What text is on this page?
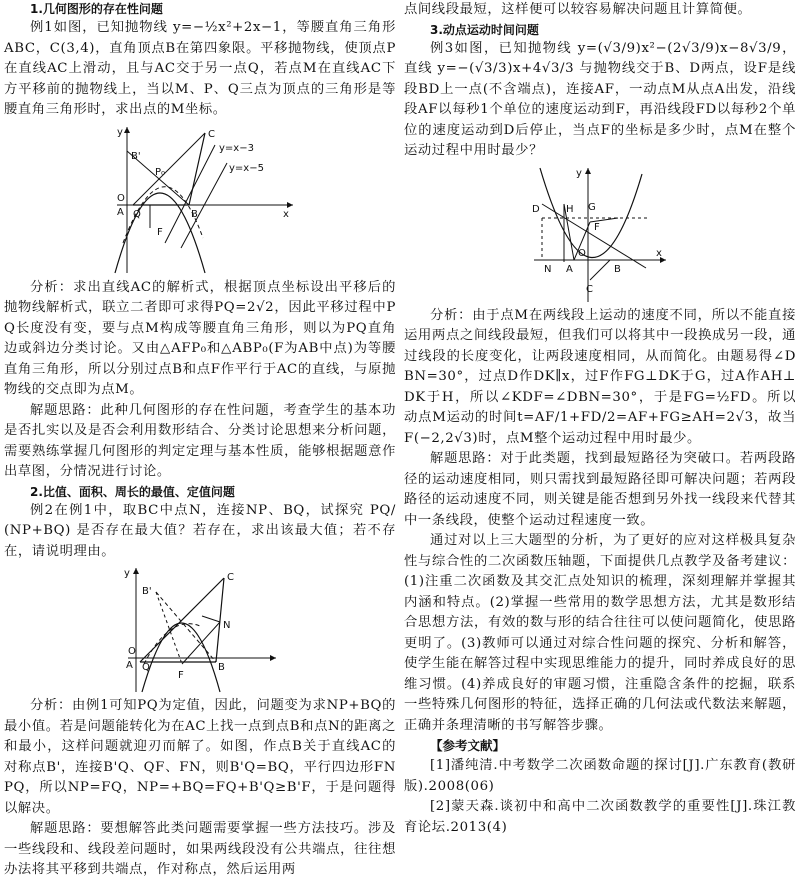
1.几何图形的存在性问题

例1如图，已知抛物线 y=−½x²+2x−1，等腰直角三角形ABC，C(3,4)，直角顶点B在第四象限。平移抛物线，使顶点P在直线AC上滑动，且与AC交于另一点Q，若点M在直线AC下方平移前的抛物线上，当以M、P、Q三点为顶点的三角形是等腰直角三角形时，求出点的M坐标。

B'
C
P₀
y=x−3
y=x−5
y
x
O
A Q	B
F

分析：求出直线AC的解析式，根据顶点坐标设出平移后的抛物线解析式，联立二者即可求得PQ=2√2，因此平移过程中PQ长度没有变，要与点M构成等腰直角三角形，则以为PQ直角边或斜边分类讨论。又由△AFP₀和△ABP₀(F为AB中点)为等腰直角三角形，所以分别过点B和点F作平行于AC的直线，与原抛物线的交点即为点M。

解题思路：此种几何图形的存在性问题，考查学生的基本功是否扎实以及是否会利用数形结合、分类讨论思想来分析问题，需要熟练掌握几何图形的判定定理与基本性质，能够根据题意作出草图，分情况进行讨论。

2.比值、面积、周长的最值、定值问题

例2在例1中，取BC中点N，连接NP、BQ，试探究 PQ/(NP+BQ) 是否存在最大值？若存在，求出该最大值；若不存在，请说明理由。

y
B'
C
N
O
A Q	B
F

分析：由例1可知PQ为定值，因此，问题变为求NP+BQ的最小值。若是问题能转化为在AC上找一点到点B和点N的距离之和最小，这样问题就迎刃而解了。如图，作点B关于直线AC的对称点B'，连接B'Q、QF、FN，则B'Q=BQ，平行四边形FNPQ，所以NP=FQ，NP=+BQ=FQ+B'Q≥B'F，于是问题得以解决。

解题思路：要想解答此类问题需要掌握一些方法技巧。涉及一些线段和、线段差问题时，如果两线段没有公共端点，往往想办法将其平移到共端点，作对称点，然后运用两

点间线段最短，这样便可以较容易解决问题且计算简便。

3.动点运动时间问题

例3如图，已知抛物线 y=(√3/9)x²−(2√3/9)x−8√3/9，直线 y=−(√3/3)x+4√3/3 与抛物线交于B、D两点，设F是线段BD上一点(不含端点)，连接AF，一动点M从点A出发，沿线段AF以每秒1个单位的速度运动到F，再沿线段FD以每秒2个单位的速度运动到D后停止，当点F的坐标是多少时，点M在整个运动过程中用时最少？

y
G
H
D
F
N A
O
B
x
C

分析：由于点M在两线段上运动的速度不同，所以不能直接运用两点之间线段最短，但我们可以将其中一段换成另一段，通过线段的长度变化，让两段速度相同，从而简化。由题易得∠DBN=30°，过点D作DK∥x，过F作FG⊥DK于G，过A作AH⊥DK于H，所以∠KDF=∠DBN=30°，于是FG=½FD。所以动点M运动的时间t=AF/1+FD/2=AF+FG≥AH=2√3，故当F(−2,2√3)时，点M整个运动过程中用时最少。

解题思路：对于此类题，找到最短路径为突破口。若两段路径的运动速度相同，则只需找到最短路径即可解决问题；若两段路径的运动速度不同，则关键是能否想到另外找一线段来代替其中一条线段，使整个运动过程速度一致。

通过对以上三大题型的分析，为了更好的应对这样极具复杂性与综合性的二次函数压轴题，下面提供几点教学及备考建议：(1)注重二次函数及其交汇点处知识的梳理，深刻理解并掌握其内涵和特点。(2)掌握一些常用的数学思想方法，尤其是数形结合思想方法，有效的数与形的结合往往可以使问题简化，使思路更明了。(3)教师可以通过对综合性问题的探究、分析和解答，使学生能在解答过程中实现思维能力的提升，同时养成良好的思维习惯。(4)养成良好的审题习惯，注重隐含条件的挖掘，联系一些特殊几何图形的特征，选择正确的几何法或代数法来解题，正确并条理清晰的书写解答步骤。

【参考文献】

[1]潘纯清.中考数学二次函数命题的探讨[J].广东教育(教研版).2008(06)

[2]蒙天森.谈初中和高中二次函数教学的重要性[J].珠江教育论坛.2013(4)
